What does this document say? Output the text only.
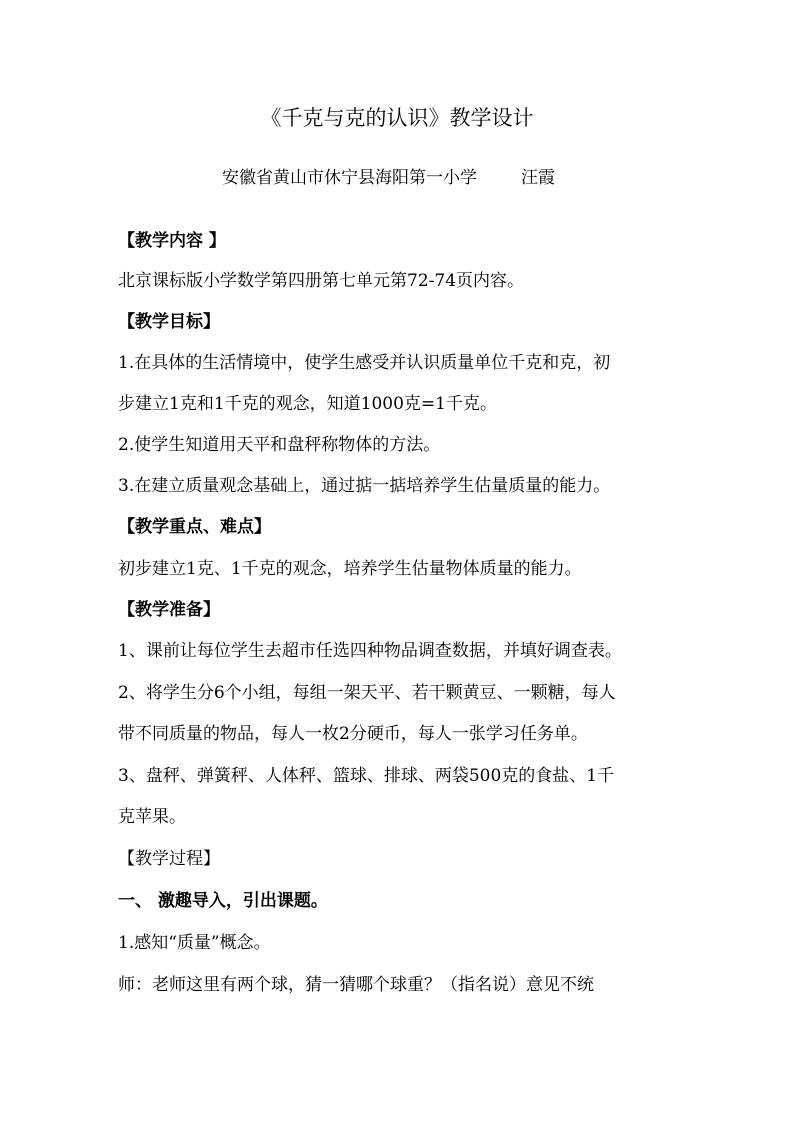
《千克与克的认识》教学设计
安徽省黄山市休宁县海阳第一小学	汪霞
【教学内容 】
北京课标版小学数学第四册第七单元第72-74页内容。
【教学目标】
1.在具体的生活情境中，使学生感受并认识质量单位千克和克，初
步建立1克和1千克的观念，知道1000克=1千克。
2.使学生知道用天平和盘秤称物体的方法。
3.在建立质量观念基础上，通过掂一掂培养学生估量质量的能力。
【教学重点、难点】
初步建立1克、1千克的观念，培养学生估量物体质量的能力。
【教学准备】
1、课前让每位学生去超市任选四种物品调查数据，并填好调查表。
2、将学生分6个小组，每组一架天平、若干颗黄豆、一颗糖，每人
带不同质量的物品，每人一枚2分硬币，每人一张学习任务单。
3、盘秤、弹簧秤、人体秤、篮球、排球、两袋500克的食盐、1千
克苹果。
【教学过程】
一、 激趣导入，引出课题。
1.感知“质量”概念。
师：老师这里有两个球，猜一猜哪个球重？（指名说）意见不统
